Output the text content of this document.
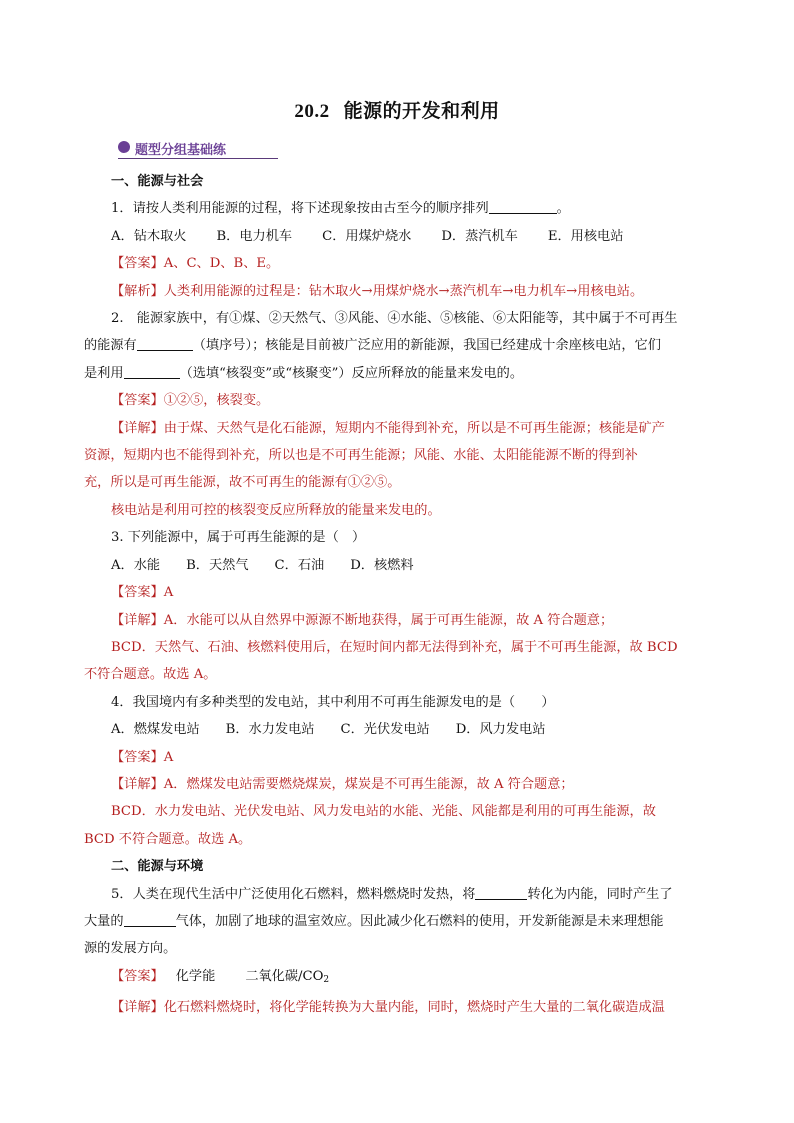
20.2 能源的开发和利用
题型分组基础练
一、能源与社会
1．请按人类利用能源的过程，将下述现象按由古至今的顺序排列	。
A．钻木取火 B．电力机车 C．用煤炉烧水 D．蒸汽机车 E．用核电站
【答案】A、C、D、B、E。
【解析】人类利用能源的过程是：钻木取火→用煤炉烧水→蒸汽机车→电力机车→用核电站。
2.　能源家族中，有①煤、②天然气、③风能、④水能、⑤核能、⑥太阳能等，其中属于不可再生
的能源有	（填序号）；核能是目前被广泛应用的新能源，我国已经建成十余座核电站，它们
是利用	（选填“核裂变”或“核聚变”）反应所释放的能量来发电的。
【答案】①②⑤，核裂变。
【详解】由于煤、天然气是化石能源，短期内不能得到补充，所以是不可再生能源；核能是矿产
资源，短期内也不能得到补充，所以也是不可再生能源；风能、水能、太阳能能源不断的得到补
充，所以是可再生能源，故不可再生的能源有①②⑤。
核电站是利用可控的核裂变反应所释放的能量来发电的。
3. 下列能源中，属于可再生能源的是（　）
A．水能 B．天然气 C．石油 D．核燃料
【答案】A
【详解】A．水能可以从自然界中源源不断地获得，属于可再生能源，故 A 符合题意；
BCD．天然气、石油、核燃料使用后，在短时间内都无法得到补充，属于不可再生能源，故 BCD
不符合题意。故选 A。
4．我国境内有多种类型的发电站，其中利用不可再生能源发电的是（　　）
A．燃煤发电站 B．水力发电站 C．光伏发电站 D．风力发电站
【答案】A
【详解】A．燃煤发电站需要燃烧煤炭，煤炭是不可再生能源，故 A 符合题意；
BCD．水力发电站、光伏发电站、风力发电站的水能、光能、风能都是利用的可再生能源，故
BCD 不符合题意。故选 A。
二、能源与环境
5．人类在现代生活中广泛使用化石燃料，燃料燃烧时发热，将	转化为内能，同时产生了
大量的	气体，加剧了地球的温室效应。因此减少化石燃料的使用，开发新能源是未来理想能
源的发展方向。
【答案】 化学能 二氧化碳$/CO_2$
【详解】化石燃料燃烧时，将化学能转换为大量内能，同时，燃烧时产生大量的二氧化碳造成温
